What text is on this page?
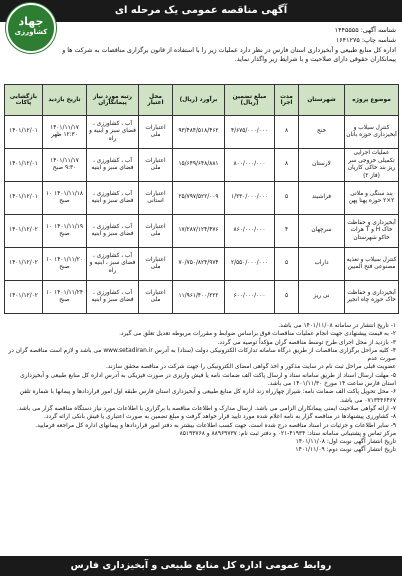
آگهی مناقصه عمومی یک مرحله ای
جهاد
کشاورزی	شناسه آگهی: ۱۴۴۵۵۵۵
شناسه چاپ: ۱۶۴۱۲۷۵
اداره کل منابع طبیعی و آبخیزداری استان فارس در نظر دارد عملیات زیر را با استفاده از قانون برگزاری مناقصات به شرکت ها و
پیمانکاران حقوقی دارای صلاحیت و با شرایط زیر واگذار نماید.
موضوع پروژه	شهرستان	مدت اجرا	مبلغ تضمین (ریال)	برآورد (ریال)	محل اعتبار	رتبه مورد نیاز پیمانکاران	تاریخ بازدید	بازگشایی پاکات
کنترل سیلاب و آبخیزداری حوزه بانان	خنج	۸	۴/۶۷۵/۰۰۰/۰۰۰	۹۳/۴۸۴/۵۱۸/۴۶۲	اعتبارات ملی	آب ، کشاورزی ، فضای سبز و ابنیه و راه	۱۴۰۱/۱۱/۱۷ ۱۲:۳۰ ظهر	۱۴۰۱/۱۲/۰۱
عملیات اجرایی تکمیلی خروجی سر ریز بند خاکی کاریان (فاز ۲)	لارستان	۸	۸۰۰/۰۰۰/۰۰۰	۱۵/۶۴۹/۶۴۸/۸۸۱	اعتبارات ملی	آب ، کشاورزی ، فضای سبز و ابنیه	۱۴۰۱/۱۱/۱۷ ۹:۳۰ صبح	۱۴۰۱/۱۲/۰۱
بند سنگی و ملاتی ۲×۲ حوزه پهنا پهن	فراشبند	۵	۱/۲۳۰/۰۰۰/۰۰۰	۲۵/۷۹۷/۵۲۲/۰۰۹	اعتبارات استانی	آب ، کشاورزی ، فضای سبز و ابنیه	۱۴۰۱/۱۱/۱۸ ۱۰ صبح	۱۴۰۱/۱۲/۰۱
آبخیزداری و حفاظت خاک H و T هرات خاکو شهرستان	سرچهان	۴	۸۶۰/۰۰۰/۰۰۰	۱۷/۲۸۷/۱۲۴/۴۷۶	اعتبارات ملی	آب ، کشاورزی ، فضای سبز و ابنیه	۱۴۰۱/۱۱/۱۹ ۱۰ صبح	۱۴۰۱/۱۲/۰۲
کنترل سیلاب و تغذیه مصنوعی فتح المبین	داراب	۵	۲/۵۵۰/۰۰۰/۰۰۰	۷۰/۷۵۰/۸۲۴/۹۷۴	اعتبارات ملی	آب ، کشاورزی ، فضای سبز ، ابنیه و راه	۱۴۰۱/۱۱/۲۰ ۱۰ صبح	۱۴۰۱/۱۲/۰۲
آبخیزداری و حفاظت خاک حوزه چاه انجیر	نی ریز	۵	۶۰۰/۰۰۰/۰۰۰	۱۱/۹۶۱/۴۰۰/۲۲۲	اعتبارات ملی	آب ، کشاورزی ، فضای سبز و ابنیه	۱۴۰۱/۱۱/۲۴ ۱۰ صبح	۱۴۰۱/۱۲/۰۲

۱- تاریخ انتشار در سامانه ۱۴۰۱/۱۱/۰۸ می باشد.

۲- به قیمت پیشنهادی جهت انجام عملیات مناقصات فوق براساس ضوابط و مقررات مربوطه تعدیل تعلق می گیرد.

۳- بازدید از محل اجرای طرح توسط مناقصه گران مؤکداً توصیه می گردد.

۴- کلیه مراحل برگزاری مناقصات از طریق درگاه سامانه تدارکات الکترونیکی دولت (ستاد) به آدرس www.setadiran.ir می باشد و لازم است مناقصه گران در صورت عدم

عضویت قبلی مراحل ثبت نام در سایت مذکور و اخذ گواهی امضای الکترونیکی را جهت شرکت در مناقصه محقق سازند.

۵- مهلت ارسال اسناد از طریق سامانه ستاد و ارسال پاکت الف ضمانت نامه یا فیش واریزی در صورت فیزیکی به آدرس اداره کل منابع طبیعی و آبخیزداری استان فارس ساعت ۱۴ مورخ ۱۴۰۱/۱۱/۳۰ می باشد.

۶- محل تحویل پاکت الف ضمانت نامه: شیراز چهارراه زند اداره کل منابع طبیعی و آبخیزداری استان فارس طبقه اول امور قراردادها و پیمانها با شماره تلفن ۰۷۱۳۴۴۶۴۶۷ می باشد.

۷- ارائه گواهی صلاحیت ایمنی پیمانکاران الزامی می باشد. ارسال مدارک و اطلاعات مناقصه با برگزاری با اطلاعات مورد نیاز دستگاه مناقصه گزار می باشد.

۸- کشاورزی پیشنهادها در مناقصه گزار به نامه اعلام شده مورد تایید قرار خواهد گرفت و مبلغ تضمین به صورت اعتباری یا فیش بانکی ارائه گردد.

۹- سایر اطلاعات و جزئیات در اسناد مناقصه درج شده است. جهت کسب اطلاعات بیشتر به دفتر امور قراردادها و پیمانهای اداره کل مراجعه فرمایید.

مرکز تماس و پشتیبانی سامانه ستاد: ۴۱۹۳۴-۰۲۱ و دفتر ثبت نام: ۸۸۹۶۹۷۳۷ و ۸۵۱۹۳۷۶۸

تاریخ انتشار آگهی نوبت اول: ۱۴۰۱/۱۱/۰۸

تاریخ انتشار آگهی نوبت دوم: ۱۴۰۱/۱۱/۰۹

روابط عمومی اداره کل منابع طبیعی و آبخیزداری فارس
